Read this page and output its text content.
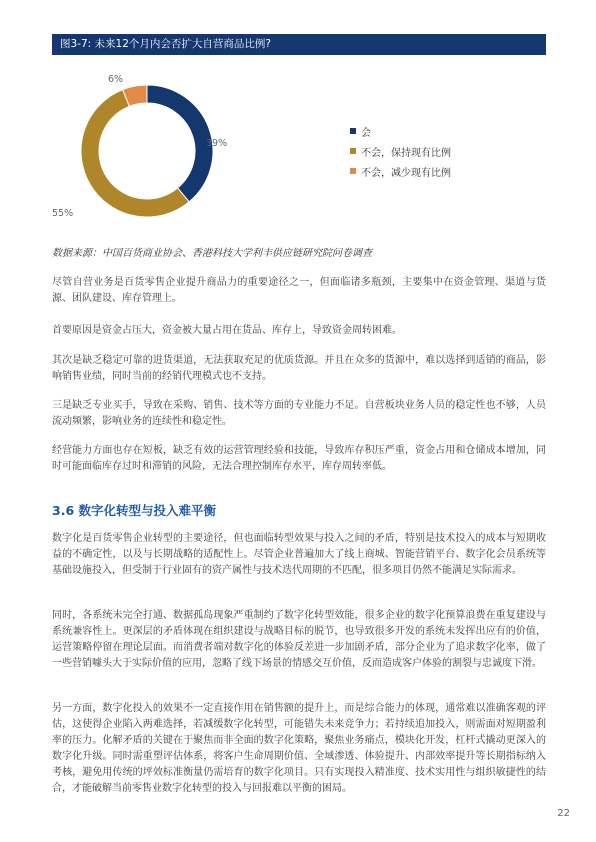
图3-7: 未来12个月内会否扩大自营商品比例?
39%
55%
6%
会
不会，保持现有比例
不会，减少现有比例
数据来源：中国百货商业协会、香港科技大学利丰供应链研究院问卷调查

尽管自营业务是百货零售企业提升商品力的重要途径之一，但面临诸多瓶颈，主要集中在资金管理、渠道与货源、团队建设、库存管理上。

首要原因是资金占压大，资金被大量占用在货品、库存上，导致资金周转困难。

其次是缺乏稳定可靠的进货渠道，无法获取充足的优质货源。并且在众多的货源中，难以选择到适销的商品，影响销售业绩，同时当前的经销代理模式也不支持。

三是缺乏专业买手，导致在采购、销售、技术等方面的专业能力不足。自营板块业务人员的稳定性也不够，人员流动频繁，影响业务的连续性和稳定性。

经营能力方面也存在短板，缺乏有效的运营管理经验和技能，导致库存积压严重，资金占用和仓储成本增加，同时可能面临库存过时和滞销的风险，无法合理控制库存水平，库存周转率低。

3.6 数字化转型与投入难平衡

数字化是百货零售企业转型的主要途径，但也面临转型效果与投入之间的矛盾，特别是技术投入的成本与短期收益的不确定性，以及与长期战略的适配性上。尽管企业普遍加大了线上商城、智能营销平台、数字化会员系统等基础设施投入，但受制于行业固有的资产属性与技术迭代周期的不匹配，很多项目仍然不能满足实际需求。

同时，各系统未完全打通、数据孤岛现象严重制约了数字化转型效能，很多企业的数字化预算浪费在重复建设与系统兼容性上。更深层的矛盾体现在组织建设与战略目标的脱节，也导致很多开发的系统未发挥出应有的价值，运营策略停留在理论层面。而消费者端对数字化的体验反差进一步加剧矛盾，部分企业为了追求数字化率，做了一些营销噱头大于实际价值的应用，忽略了线下场景的情感交互价值，反而造成客户体验的割裂与忠诚度下滑。

另一方面，数字化投入的效果不一定直接作用在销售额的提升上，而是综合能力的体现，通常难以准确客观的评估，这使得企业陷入两难选择，若减缓数字化转型，可能错失未来竞争力；若持续追加投入，则需面对短期盈利率的压力。化解矛盾的关键在于聚焦而非全面的数字化策略，聚焦业务痛点，模块化开发，杠杆式撬动更深入的数字化升级。同时需重塑评估体系，将客户生命周期价值、全域渗透、体验提升、内部效率提升等长期指标纳入考核，避免用传统的坪效标准衡量仍需培育的数字化项目。只有实现投入精准度、技术实用性与组织敏捷性的结合，才能破解当前零售业数字化转型的投入与回报难以平衡的困局。

22
